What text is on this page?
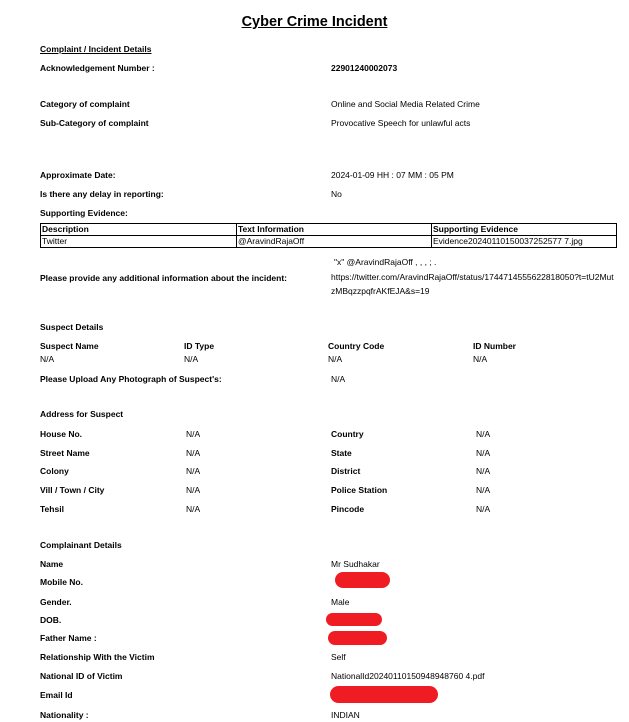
Cyber Crime Incident
Complaint / Incident Details
Acknowledgement Number :	22901240002073
Category of complaint	Online and Social Media Related Crime
Sub-Category of complaint	Provocative Speech for unlawful acts
Approximate Date:	2024-01-09 HH : 07 MM : 05 PM
Is there any delay in reporting:	No
Supporting Evidence:
Description	Text Information	Supporting Evidence
Twitter	@AravindRajaOff	Evidence20240110150037252577 7.jpg
Please provide any additional information about the incident:
"x" @AravindRajaOff , , , ; .
https://twitter.com/AravindRajaOff/status/1744714555622818050?t=tU2Mut
zMBqzzpqfrAKfEJA&s=19
Suspect Details
Suspect Name	ID Type	Country Code	ID Number
N/A	N/A	N/A	N/A
Please Upload Any Photograph of Suspect's:	N/A
Address for Suspect
House No.	N/A	Country	N/A
Street Name	N/A	State	N/A
Colony	N/A	District	N/A
Vill / Town / City	N/A	Police Station	N/A
Tehsil	N/A	Pincode	N/A
Complainant Details
Name	Mr Sudhakar
Mobile No.
Gender.	Male
DOB.
Father Name :
Relationship With the Victim	Self
National ID of Victim	NationalId20240110150948948760 4.pdf
Email Id
Nationality :	INDIAN
